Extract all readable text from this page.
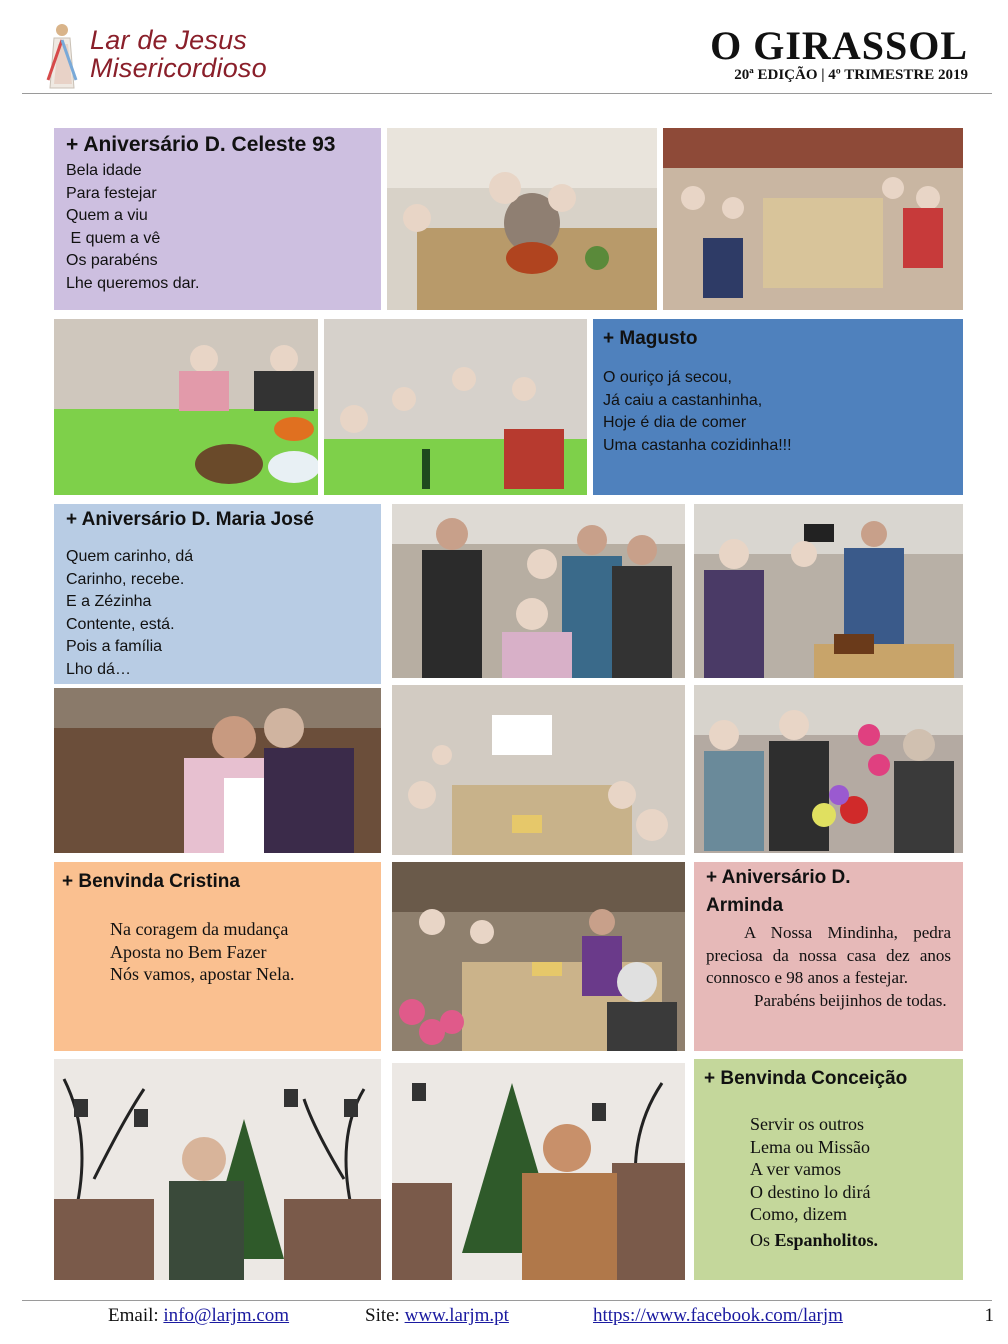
Lar de Jesus
Misericordioso	O GIRASSOL
20ª EDIÇÃO | 4º TRIMESTRE 2019
+ Aniversário D. Celeste 93

Bela idade
Para festejar
Quem a viu
E quem a vê
Os parabéns
Lhe queremos dar.

+ Magusto

O ouriço já secou,
Já caiu a castanhinha,
Hoje é dia de comer
Uma castanha cozidinha!!!

+ Aniversário D. Maria José

Quem carinho, dá
Carinho, recebe.
E a Zézinha
Contente, está.
Pois a família
Lho dá…

+ Benvinda Cristina

Na coragem da mudança
Aposta no Bem Fazer
Nós vamos, apostar Nela.

+ Aniversário D.
Arminda

A Nossa Mindinha, pedra preciosa da nossa casa dez anos connosco e 98 anos a festejar.

Parabéns beijinhos de todas.

+ Benvinda Conceição

Servir os outros
Lema ou Missão
A ver vamos
O destino lo dirá
Como, dizem

Os Espanholitos.

Email: info@larjm.com	Site: www.larjm.pt	https://www.facebook.com/larjm	1
